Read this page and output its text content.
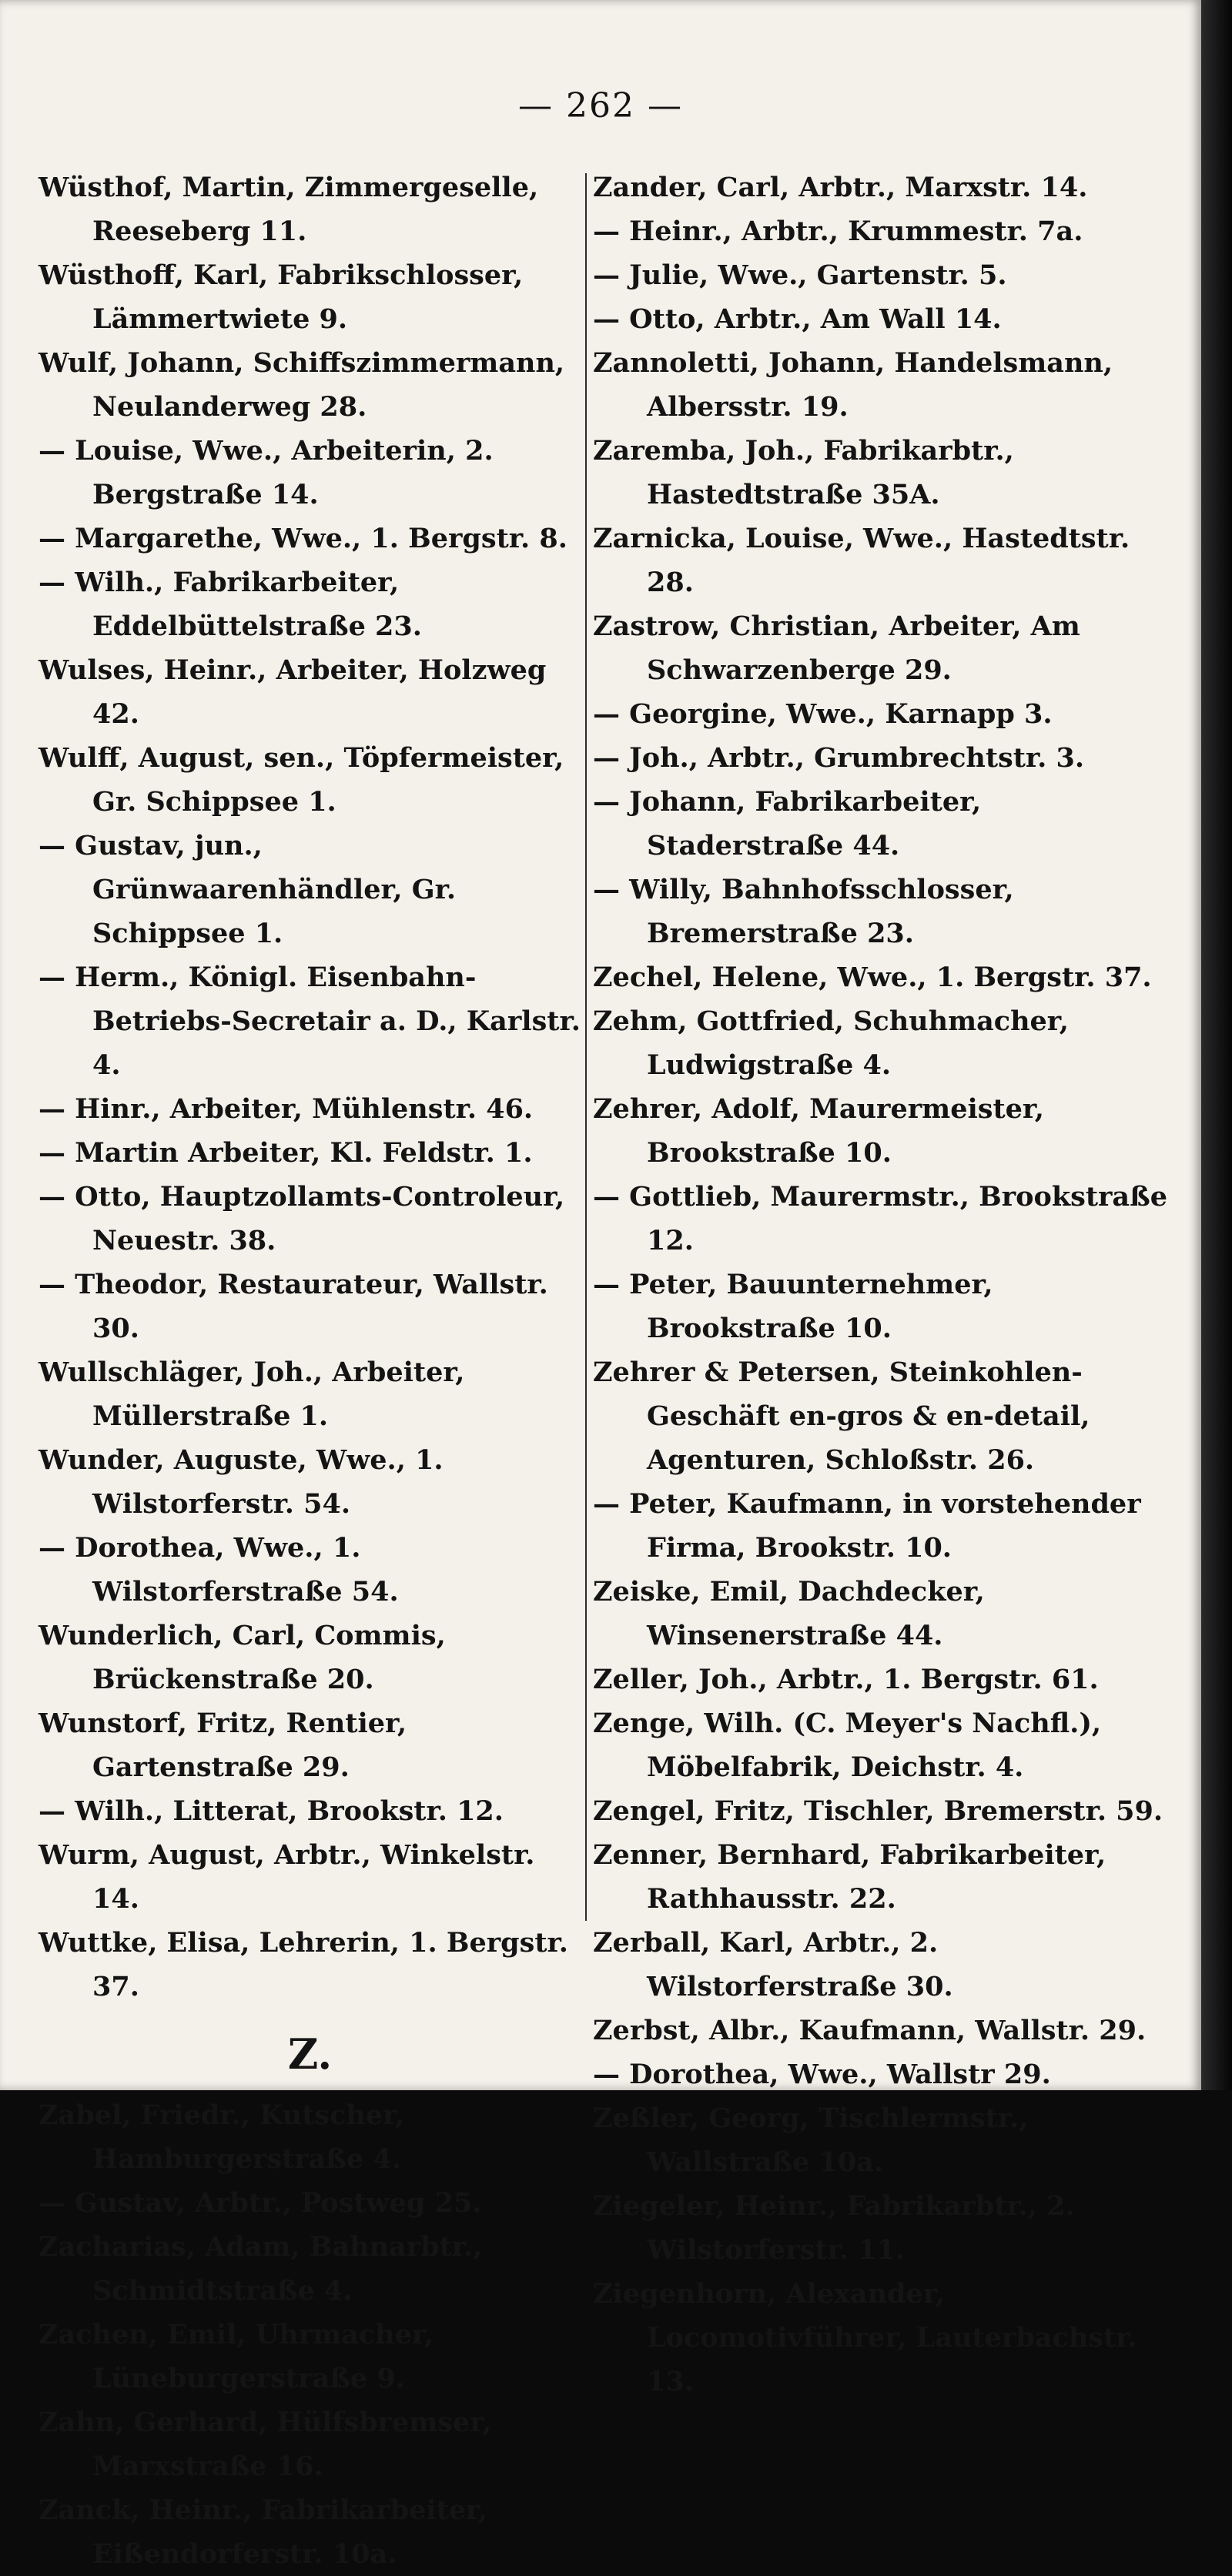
— 262 —
Wüsthof, Martin, Zimmergeselle, Reeseberg 11.
Wüsthoff, Karl, Fabrikschlosser, Lämmertwiete 9.
Wulf, Johann, Schiffszimmermann, Neulanderweg 28.
— Louise, Wwe., Arbeiterin, 2. Bergstraße 14.
— Margarethe, Wwe., 1. Bergstr. 8.
— Wilh., Fabrikarbeiter, Eddelbüttelstraße 23.
Wulses, Heinr., Arbeiter, Holzweg 42.
Wulff, August, sen., Töpfermeister, Gr. Schippsee 1.
— Gustav, jun., Grünwaarenhändler, Gr. Schippsee 1.
— Herm., Königl. Eisenbahn-Betriebs-Secretair a. D., Karlstr. 4.
— Hinr., Arbeiter, Mühlenstr. 46.
— Martin Arbeiter, Kl. Feldstr. 1.
— Otto, Hauptzollamts-Controleur, Neuestr. 38.
— Theodor, Restaurateur, Wallstr. 30.
Wullschläger, Joh., Arbeiter, Müllerstraße 1.
Wunder, Auguste, Wwe., 1. Wilstorferstr. 54.
— Dorothea, Wwe., 1. Wilstorferstraße 54.
Wunderlich, Carl, Commis, Brückenstraße 20.
Wunstorf, Fritz, Rentier, Gartenstraße 29.
— Wilh., Litterat, Brookstr. 12.
Wurm, August, Arbtr., Winkelstr. 14.
Wuttke, Elisa, Lehrerin, 1. Bergstr. 37.
Z.
Zabel, Friedr., Kutscher, Hamburgerstraße 4.
— Gustav, Arbtr., Postweg 25.
Zacharias, Adam, Bahnarbtr., Schmidtstraße 4.
Zachen, Emil, Uhrmacher, Lüneburgerstraße 9.
Zahn, Gerhard, Hülfsbremser, Marxstraße 16.
Zanck, Heinr., Fabrikarbeiter, Eißendorferstr. 10a.
Zander, Carl, Arbtr., Marxstr. 14.
— Heinr., Arbtr., Krummestr. 7a.
— Julie, Wwe., Gartenstr. 5.
— Otto, Arbtr., Am Wall 14.
Zannoletti, Johann, Handelsmann, Albersstr. 19.
Zaremba, Joh., Fabrikarbtr., Hastedtstraße 35A.
Zarnicka, Louise, Wwe., Hastedtstr. 28.
Zastrow, Christian, Arbeiter, Am Schwarzenberge 29.
— Georgine, Wwe., Karnapp 3.
— Joh., Arbtr., Grumbrechtstr. 3.
— Johann, Fabrikarbeiter, Staderstraße 44.
— Willy, Bahnhofsschlosser, Bremerstraße 23.
Zechel, Helene, Wwe., 1. Bergstr. 37.
Zehm, Gottfried, Schuhmacher, Ludwigstraße 4.
Zehrer, Adolf, Maurermeister, Brookstraße 10.
— Gottlieb, Maurermstr., Brookstraße 12.
— Peter, Bauunternehmer, Brookstraße 10.
Zehrer & Petersen, Steinkohlen-Geschäft en-gros & en-detail, Agenturen, Schloßstr. 26.
— Peter, Kaufmann, in vorstehender Firma, Brookstr. 10.
Zeiske, Emil, Dachdecker, Winsenerstraße 44.
Zeller, Joh., Arbtr., 1. Bergstr. 61.
Zenge, Wilh. (C. Meyer's Nachfl.), Möbelfabrik, Deichstr. 4.
Zengel, Fritz, Tischler, Bremerstr. 59.
Zenner, Bernhard, Fabrikarbeiter, Rathhausstr. 22.
Zerball, Karl, Arbtr., 2. Wilstorferstraße 30.
Zerbst, Albr., Kaufmann, Wallstr. 29.
— Dorothea, Wwe., Wallstr 29.
Zeßler, Georg, Tischlermstr., Wallstraße 10a.
Ziegeler, Heinr., Fabrikarbtr., 2. Wilstorferstr. 11.
Ziegenhorn, Alexander, Locomotivführer, Lauterbachstr. 13.
